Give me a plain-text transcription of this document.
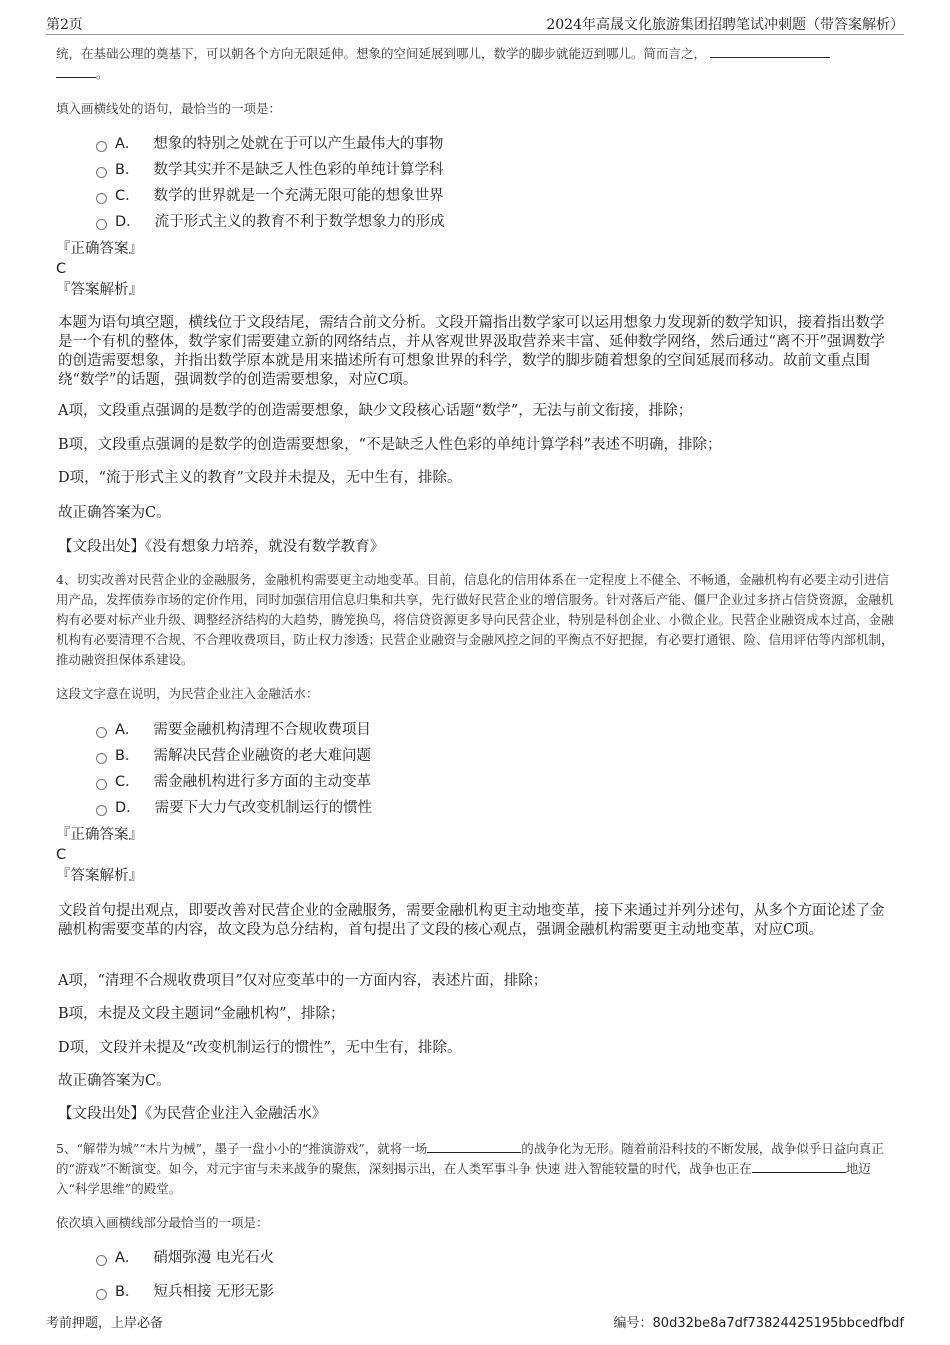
第2页	2024年高晟文化旅游集团招聘笔试冲刺题（带答案解析）
统，在基础公理的奠基下，可以朝各个方向无限延伸。想象的空间延展到哪儿，数学的脚步就能迈到哪儿。简而言之，
。
填入画横线处的语句，最恰当的一项是：
A． 想象的特别之处就在于可以产生最伟大的事物
B． 数学其实并不是缺乏人性色彩的单纯计算学科
C． 数学的世界就是一个充满无限可能的想象世界
D． 流于形式主义的教育不利于数学想象力的形成
『正确答案』
C
『答案解析』
本题为语句填空题，横线位于文段结尾，需结合前文分析。文段开篇指出数学家可以运用想象力发现新的数学知识，接着指出数学是一个有机的整体，数学家们需要建立新的网络结点，并从客观世界汲取营养来丰富、延伸数学网络，然后通过“离不开”强调数学的创造需要想象，并指出数学原本就是用来描述所有可想象世界的科学，数学的脚步随着想象的空间延展而移动。故前文重点围绕“数学”的话题，强调数学的创造需要想象，对应C项。
A项，文段重点强调的是数学的创造需要想象，缺少文段核心话题“数学”，无法与前文衔接，排除；
B项，文段重点强调的是数学的创造需要想象，“不是缺乏人性色彩的单纯计算学科”表述不明确，排除；
D项，“流于形式主义的教育”文段并未提及，无中生有，排除。
故正确答案为C。
【文段出处】《没有想象力培养，就没有数学教育》
4、切实改善对民营企业的金融服务，金融机构需要更主动地变革。目前，信息化的信用体系在一定程度上不健全、不畅通，金融机构有必要主动引进信用产品，发挥债券市场的定价作用，同时加强信用信息归集和共享，先行做好民营企业的增信服务。针对落后产能、僵尸企业过多挤占信贷资源，金融机构有必要对标产业升级、调整经济结构的大趋势，腾笼换鸟，将信贷资源更多导向民营企业，特别是科创企业、小微企业。民营企业融资成本过高，金融机构有必要清理不合规、不合理收费项目，防止权力渗透；民营企业融资与金融风控之间的平衡点不好把握，有必要打通银、险、信用评估等内部机制，推动融资担保体系建设。
这段文字意在说明，为民营企业注入金融活水：
A． 需要金融机构清理不合规收费项目
B． 需解决民营企业融资的老大难问题
C． 需金融机构进行多方面的主动变革
D． 需要下大力气改变机制运行的惯性
『正确答案』
C
『答案解析』
文段首句提出观点，即要改善对民营企业的金融服务，需要金融机构更主动地变革，接下来通过并列分述句，从多个方面论述了金融机构需要变革的内容，故文段为总分结构，首句提出了文段的核心观点，强调金融机构需要更主动地变革，对应C项。
A项，“清理不合规收费项目”仅对应变革中的一方面内容，表述片面，排除；
B项，未提及文段主题词“金融机构”，排除；
D项，文段并未提及“改变机制运行的惯性”，无中生有，排除。
故正确答案为C。
【文段出处】《为民营企业注入金融活水》
5、“解带为城”“木片为械”，墨子一盘小小的“推演游戏”，就将一场	的战争化为无形。随着前沿科技的不断发展，战争似乎日益向真正的“游戏”不断演变。如今，对元宇宙与未来战争的聚焦，深刻揭示出，在人类军事斗争 快速 进入智能较量的时代，战争也正在	地迈入“科学思维”的殿堂。
依次填入画横线部分最恰当的一项是：
A． 硝烟弥漫 电光石火
B． 短兵相接 无形无影
考前押题，上岸必备	编号：80d32be8a7df73824425195bbcedfbdf
